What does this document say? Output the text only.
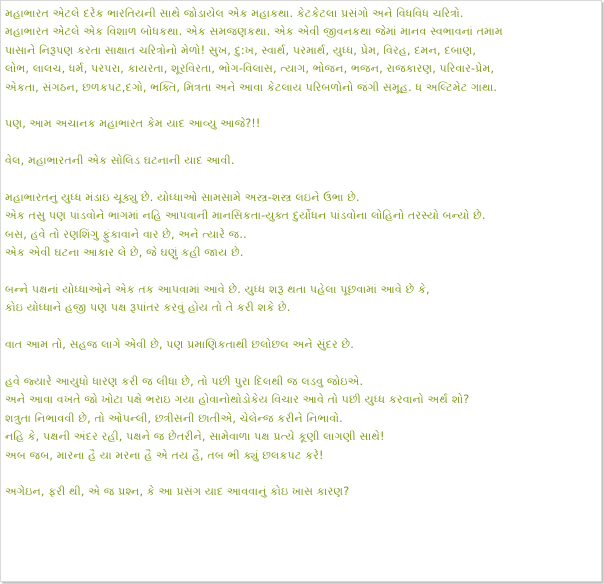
મહાભારત એટલે દરેક ભારતિયની સાથે જોડાયેલ એક મહાકથા. કેટકેટલા પ્રસંગો અને વિધવિધ ચરિત્રો.
મહાભારત એટલે એક વિશાળ બોધકથા. એક સમજણકથા. એક એવી જીવનકથા જેમાં માનવ સ્વભાવનાં તમામ
પાસાને નિરૂપણ કરતા સાક્ષાત ચરિત્રોનો મેળો! સુખ, દુ:ખ, સ્વાર્થ, પરમાર્થ, યુધ્ધ, પ્રેમ, વિરહ, દમન, દબાણ,
લોભ, લાલચ, ધર્મ, પરપરા, કાયરતા, શૂરવિરતા, ભોગ-વિલાસ, ત્યાગ, ભોજન, ભજન, રાજકારણ, પરિવાર-પ્રેમ,
એકતા, સંગઠન, છળકપટ,દગો, ભક્તિ, મિત્રતા અને આવા કેટલાય પરિબળોનો જંગી સમૂહ. ધ અલ્ટિમેટ ગાથા.

પણ, આમ અચાનક મહાભારત કેમ યાદ આવ્યુ આજે?!!

વેલ, મહાભારતની એક સોલિડ ઘટનાની યાદ આવી.

મહાભારતનું યુધ્ધ મંડાઇ ચૂક્યુ છે. યોધ્ધાઓ સામસામે અસ્ત્ર-શસ્ત્ર લઇને ઉભા છે.
એક તસુ પણ પાંડવોને ભાગમાં નહિ આપવાની માનસિકતા-યુક્ત દુર્યોધન પાંડવોના લોહિનો તરસ્યો બન્યો છે.
બસ, હવે તો રણશિંગુ ફુંકાવાને વાર છે, અને ત્યારે જ..
એક એવી ઘટના આકાર લે છે, જે ઘણું કહી જાય છે.

બન્ને પક્ષનાં યોધ્ધાઓને એક તક આપવામાં આવે છે. યુધ્ધ શરૂ થતા પહેલા પૂછવામાં આવે છે કે,
કોઇ યોધ્ધાને હજી પણ પક્ષ રૂપાંતર કરવું હોય તો તે કરી શકે છે.

વાત આમ તો, સહજ લાગે એવી છે, પણ પ્રમાણિકતાથી છલોછલ અને સુંદર છે.

હવે જ્યારે આયુધો ધારણ કરી જ લીધા છે, તો પછી પુરા દિલથી જ લડવુ જોઇએ.
અને આવા વખતે જો ખોટા પક્ષે ભરાઇ ગયા હોવાનોથોડોકેય વિચાર આવે તો પછી યુધ્ધ કરવાનો અર્થ શો?
શત્રુતા નિભાવવી છે, તો ઓપન્લી, છત્રીસની છાતીએ, ચેલેન્જ કરીને નિભાવો.
નહિ કે, પક્ષની અંદર રહી, પક્ષને જ છેતરીને, સામેવાળા પક્ષ પ્રત્યે કૂણી લાગણી સાથે!
અબ જબ, મારના હૈ યા મરના હૈ એ તય હૈ, તબ ભી ક્યું છલકપટ કરે!

અગેઇન, ફરી થી, એ જ પ્રશ્ન, કે આ પ્રસંગ યાદ આવવાનું કોઇ ખાસ કારણ?
